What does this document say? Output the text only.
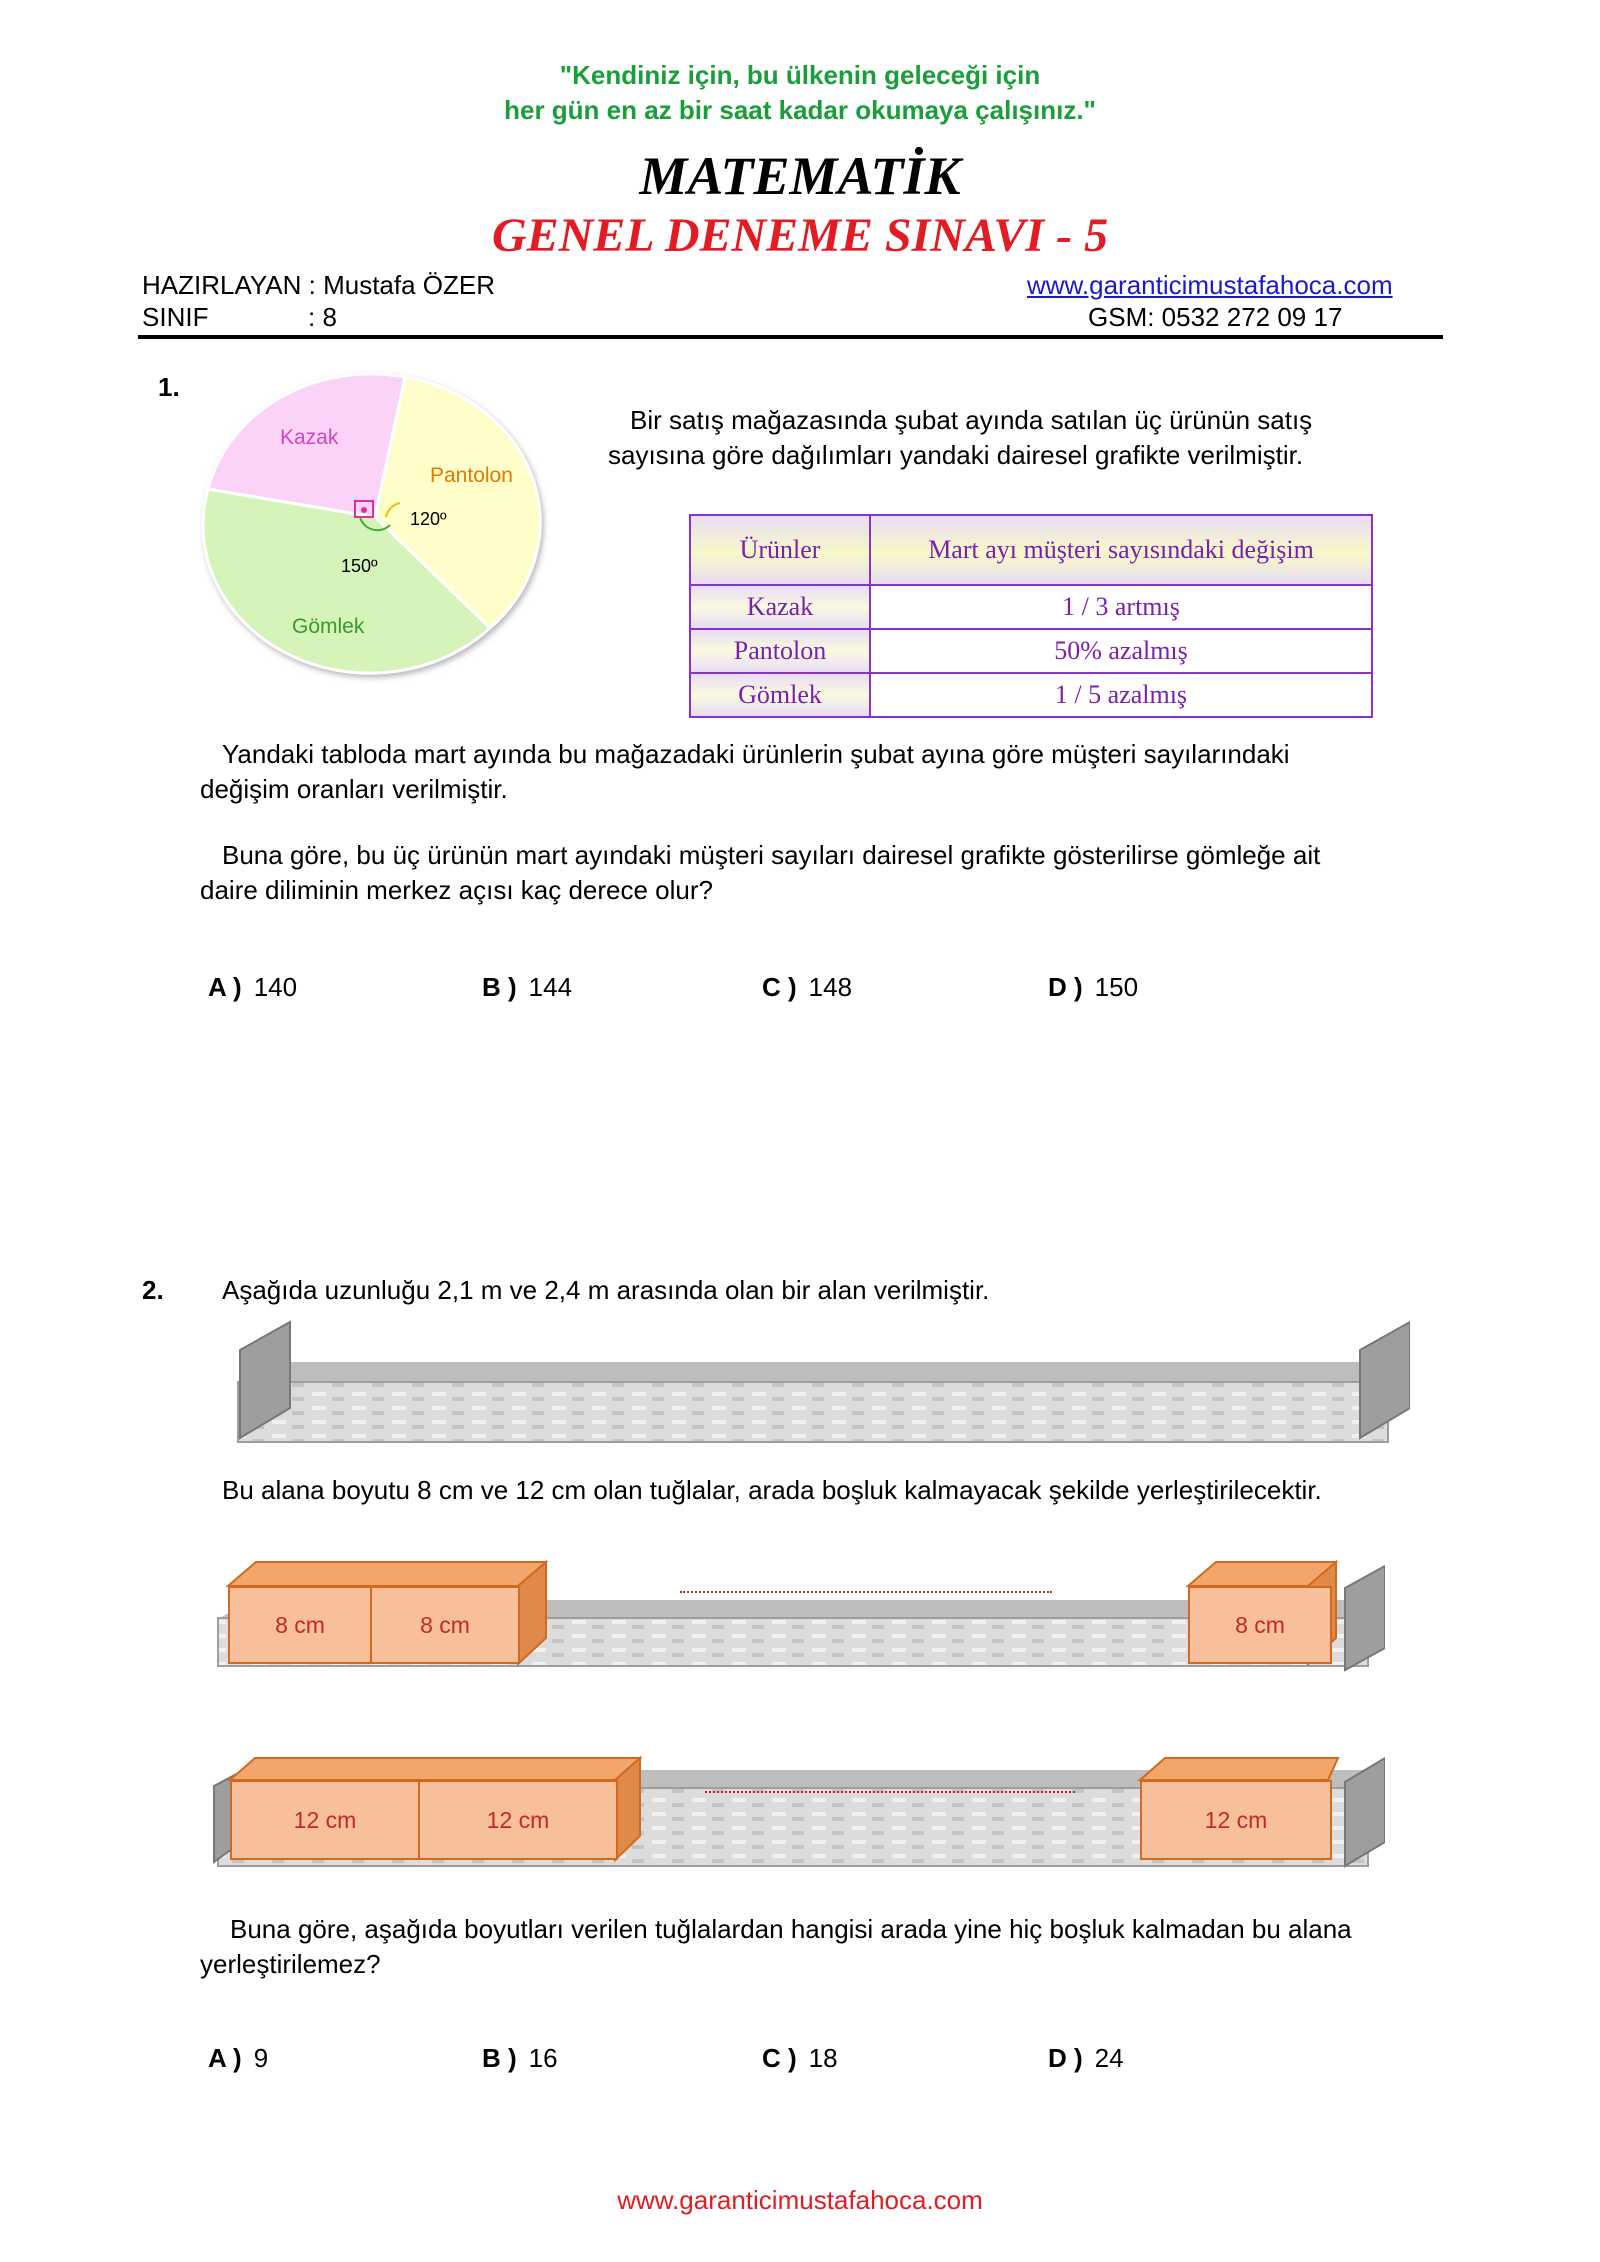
"Kendiniz için, bu ülkenin geleceği için
her gün en az bir saat kadar okumaya çalışınız."
MATEMATİK
GENEL DENEME SINAVI - 5
HAZIRLAYAN : Mustafa ÖZER	www.garanticimustafahoca.com
SINIF	: 8	GSM: 0532 272 09 17
1.
Kazak
Pantolon
Gömlek
120º
150º
Bir satış mağazasında şubat ayında satılan üç ürünün satış
sayısına göre dağılımları yandaki dairesel grafikte verilmiştir.
Ürünler	Mart ayı müşteri sayısındaki değişim
Kazak	1 / 3 artmış
Pantolon	50% azalmış
Gömlek	1 / 5 azalmış
Yandaki tabloda mart ayında bu mağazadaki ürünlerin şubat ayına göre müşteri sayılarındaki
değişim oranları verilmiştir.
Buna göre, bu üç ürünün mart ayındaki müşteri sayıları dairesel grafikte gösterilirse gömleğe ait
daire diliminin merkez açısı kaç derece olur?
A ) 140	B ) 144	C ) 148	D ) 150
2. Aşağıda uzunluğu 2,1 m ve 2,4 m arasında olan bir alan verilmiştir.
Bu alana boyutu 8 cm ve 12 cm olan tuğlalar, arada boşluk kalmayacak şekilde yerleştirilecektir.
8 cm	8 cm	8 cm
12 cm	12 cm	12 cm
Buna göre, aşağıda boyutları verilen tuğlalardan hangisi arada yine hiç boşluk kalmadan bu alana
yerleştirilemez?
A ) 9	B ) 16	C ) 18	D ) 24
www.garanticimustafahoca.com
